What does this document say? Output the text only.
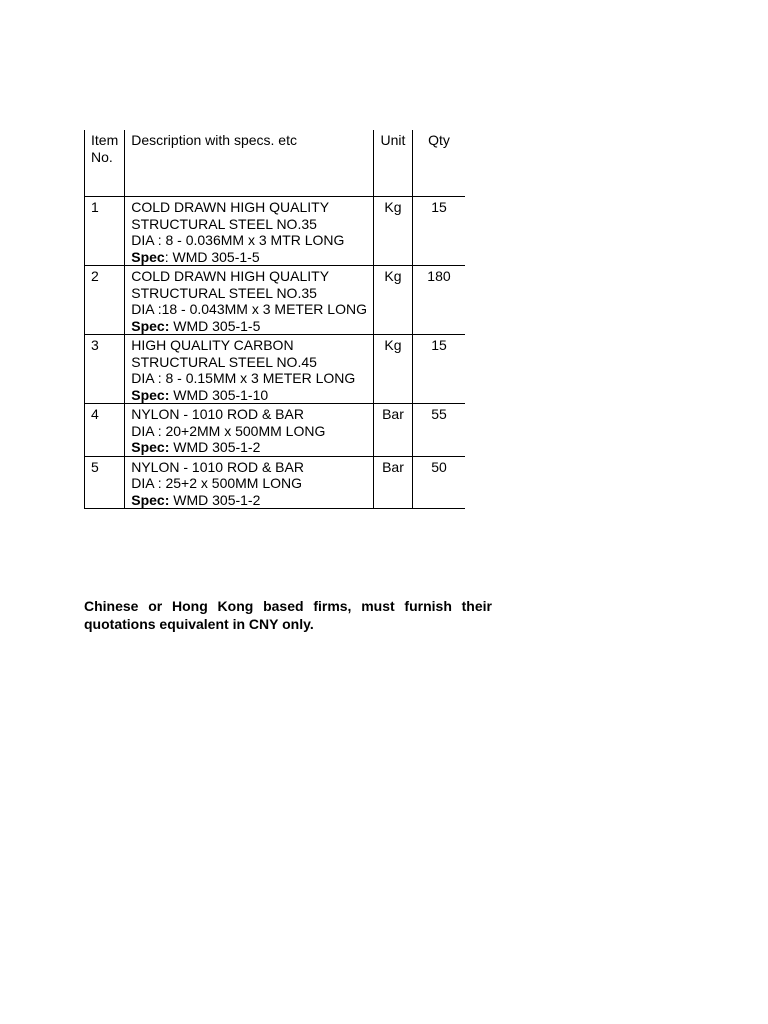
Item No.	Description with specs. etc	Unit	Qty
1	COLD DRAWN HIGH QUALITY
STRUCTURAL STEEL NO.35
DIA : 8 - 0.036MM x 3 MTR LONG
Spec: WMD 305-1-5	Kg	15
2	COLD DRAWN HIGH QUALITY
STRUCTURAL STEEL NO.35
DIA :18 - 0.043MM x 3 METER LONG
Spec: WMD 305-1-5	Kg	180
3	HIGH QUALITY CARBON
STRUCTURAL STEEL NO.45
DIA : 8 - 0.15MM x 3 METER LONG
Spec: WMD 305-1-10	Kg	15
4	NYLON - 1010 ROD & BAR
DIA : 20+2MM x 500MM LONG
Spec: WMD 305-1-2	Bar	55
5	NYLON - 1010 ROD & BAR
DIA : 25+2 x 500MM LONG
Spec: WMD 305-1-2	Bar	50

Chinese or Hong Kong based firms, must furnish their quotations equivalent in CNY only.
